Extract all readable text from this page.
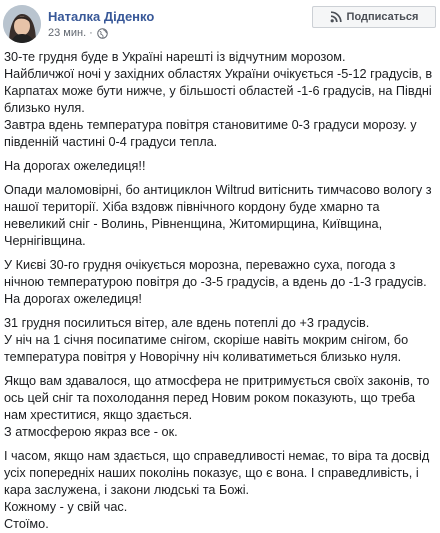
Наталка Діденко
23 мин. ·
Подписаться

30-те грудня буде в Україні нарешті із відчутним морозом.
Найбличжої ночі у західних областях України очікується -5-12 градусів, в Карпатах може бути нижче, у більшості областей -1-6 градусів, на Півдні близько нуля.
Завтра вдень температура повітря становитиме 0-3 градуси морозу. у південній частині 0-4 градуси тепла.

На дорогах ожеледиця!!

Опади маломовірні, бо антициклон Wiltrud витіснить тимчасово вологу з нашої території. Хіба вздовж північного кордону буде хмарно та невеликий сніг - Волинь, Рівненщина, Житомирщина, Київщина, Чернігівщина.

У Києві 30-го грудня очікується морозна, переважно суха, погода з нічною температурою повітря до -3-5 градусів, а вдень до -1-3 градусів.
На дорогах ожеледиця!

31 грудня посилиться вітер, але вдень потеплі до +3 градусів.
У ніч на 1 січня посипатиме снігом, скоріше навіть мокрим снігом, бо температура повітря у Новорічну ніч коливатиметься близько нуля.

Якщо вам здавалося, що атмосфера не притримується своїх законів, то ось цей сніг та похолодання перед Новим роком показують, що треба нам хреститися, якщо здається.
З атмосферою якраз все - ок.

І часом, якщо нам здається, що справедливості немає, то віра та досвід усіх попередніх наших поколінь показує, що є вона. І справедливість, і кара заслужена, і закони людські та Божі.
Кожному - у свій час.
Стоїмо.
